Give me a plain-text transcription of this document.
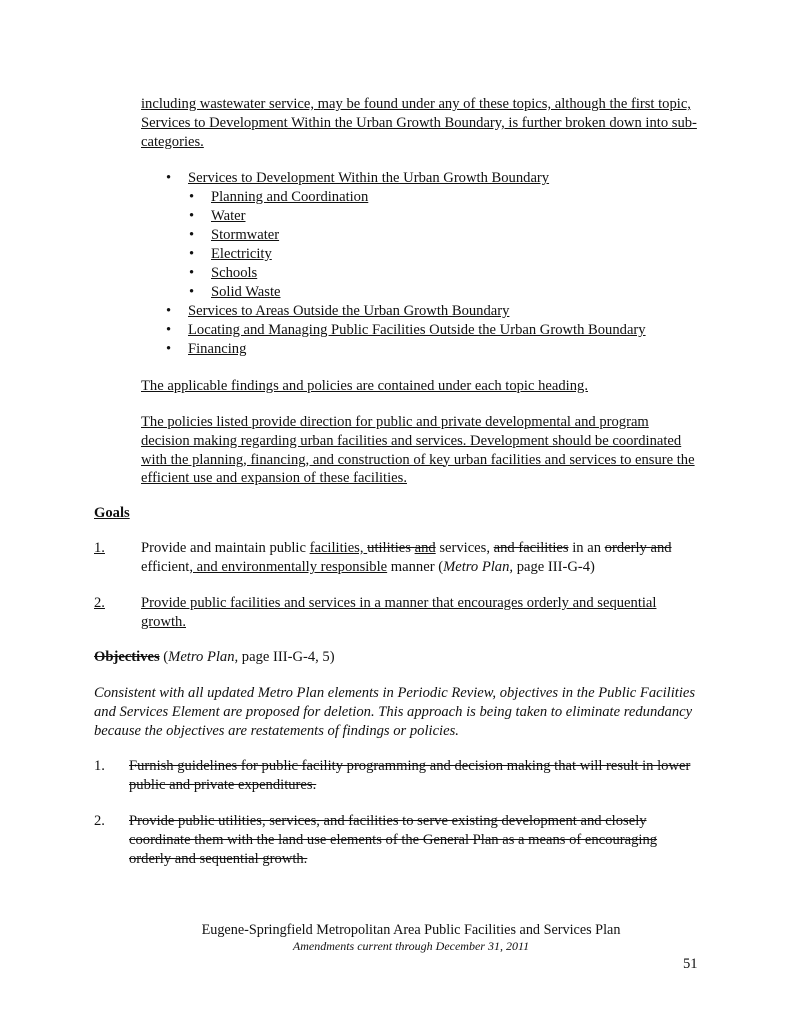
including wastewater service, may be found under any of these topics, although the first topic, Services to Development Within the Urban Growth Boundary, is further broken down into sub-categories.

• Services to Development Within the Urban Growth Boundary
• Planning and Coordination
• Water
• Stormwater
• Electricity
• Schools
• Solid Waste
• Services to Areas Outside the Urban Growth Boundary
• Locating and Managing Public Facilities Outside the Urban Growth Boundary
• Financing

The applicable findings and policies are contained under each topic heading.

The policies listed provide direction for public and private developmental and program decision making regarding urban facilities and services. Development should be coordinated with the planning, financing, and construction of key urban facilities and services to ensure the efficient use and expansion of these facilities.

Goals
1.	Provide and maintain public facilities, utilities and services, and facilities in an orderly and efficient, and environmentally responsible manner (Metro Plan, page III-G-4)
2.	Provide public facilities and services in a manner that encourages orderly and sequential growth.
Objectives (Metro Plan, page III-G-4, 5)

Consistent with all updated Metro Plan elements in Periodic Review, objectives in the Public Facilities and Services Element are proposed for deletion. This approach is being taken to eliminate redundancy because the objectives are restatements of findings or policies.

1. Furnish guidelines for public facility programming and decision making that will result in lower public and private expenditures.
2. Provide public utilities, services, and facilities to serve existing development and closely coordinate them with the land use elements of the General Plan as a means of encouraging orderly and sequential growth.
Eugene-Springfield Metropolitan Area Public Facilities and Services Plan
Amendments current through December 31, 2011
51
